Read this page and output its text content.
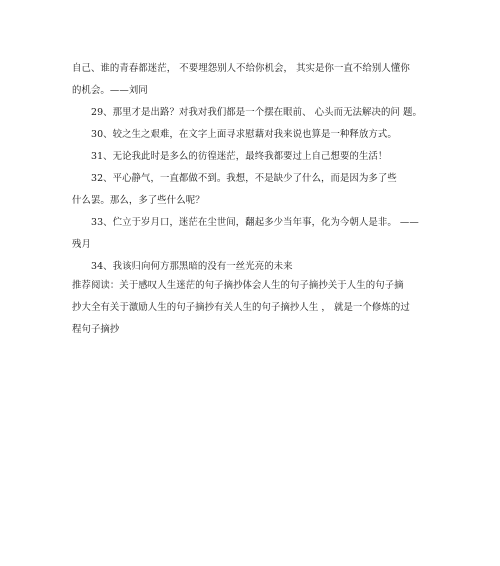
自己、谁的青春都迷茫， 不要埋怨别人不给你机会， 其实是你一直不给别人懂你
的机会。——刘同
29、那里才是出路？对我对我们都是一个摆在眼前、 心头而无法解决的问 题。
30、较之生之艰难，在文字上面寻求慰藉对我来说也算是一种释放方式。
31、无论我此时是多么的彷徨迷茫，最终我都要过上自己想要的生活！
32、平心静气，一直都做不到。我想，不是缺少了什么，而是因为多了些
什么罢。那么，多了些什么呢？
33、伫立于岁月口，迷茫在尘世间，翻起多少当年事，化为今朝人是非。 ——
残月
34、我该归向何方那黑暗的没有一丝光亮的未来
推荐阅读：关于感叹人生迷茫的句子摘抄体会人生的句子摘抄关于人生的句子摘
抄大全有关于激励人生的句子摘抄有关人生的句子摘抄人生 ， 就是一个修炼的过
程句子摘抄
